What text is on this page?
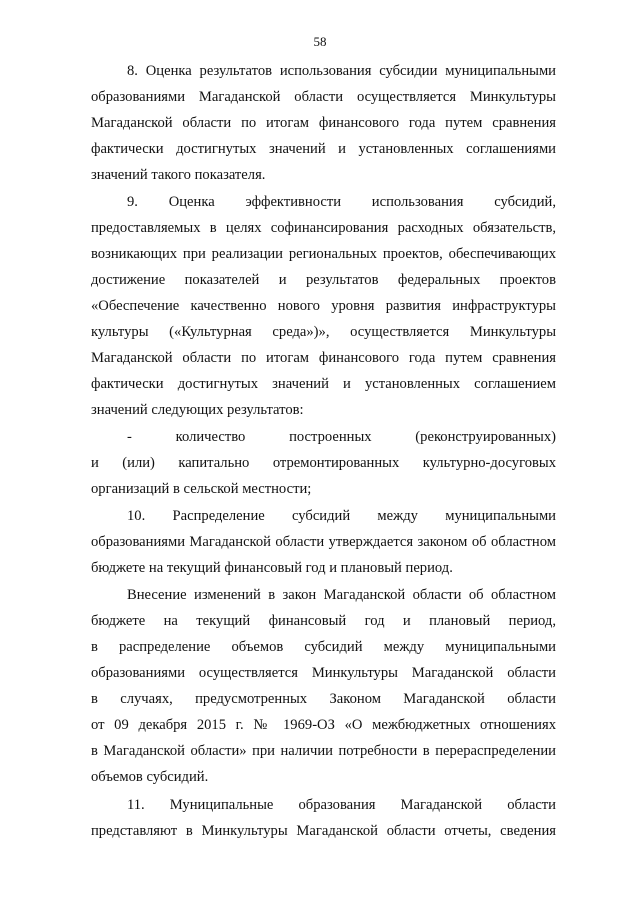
58
8. Оценка результатов использования субсидии муниципальными
образованиями Магаданской области осуществляется Минкультуры
Магаданской области по итогам финансового года путем сравнения
фактически достигнутых значений и установленных соглашениями
значений такого показателя.
9. Оценка эффективности использования субсидий,
предоставляемых в целях софинансирования расходных обязательств,
возникающих при реализации региональных проектов, обеспечивающих
достижение показателей и результатов федеральных проектов
«Обеспечение качественно нового уровня развития инфраструктуры
культуры («Культурная среда»)», осуществляется Минкультуры
Магаданской области по итогам финансового года путем сравнения
фактически достигнутых значений и установленных соглашением
значений следующих результатов:
- количество построенных (реконструированных)
и (или) капитально отремонтированных культурно-досуговых
организаций в сельской местности;
10. Распределение субсидий между муниципальными
образованиями Магаданской области утверждается законом об областном
бюджете на текущий финансовый год и плановый период.
Внесение изменений в закон Магаданской области об областном
бюджете на текущий финансовый год и плановый период,
в распределение объемов субсидий между муниципальными
образованиями осуществляется Минкультуры Магаданской области
в случаях, предусмотренных Законом Магаданской области
от 09 декабря 2015 г. № 1969-ОЗ «О межбюджетных отношениях
в Магаданской области» при наличии потребности в перераспределении
объемов субсидий.
11. Муниципальные образования Магаданской области
представляют в Минкультуры Магаданской области отчеты, сведения
